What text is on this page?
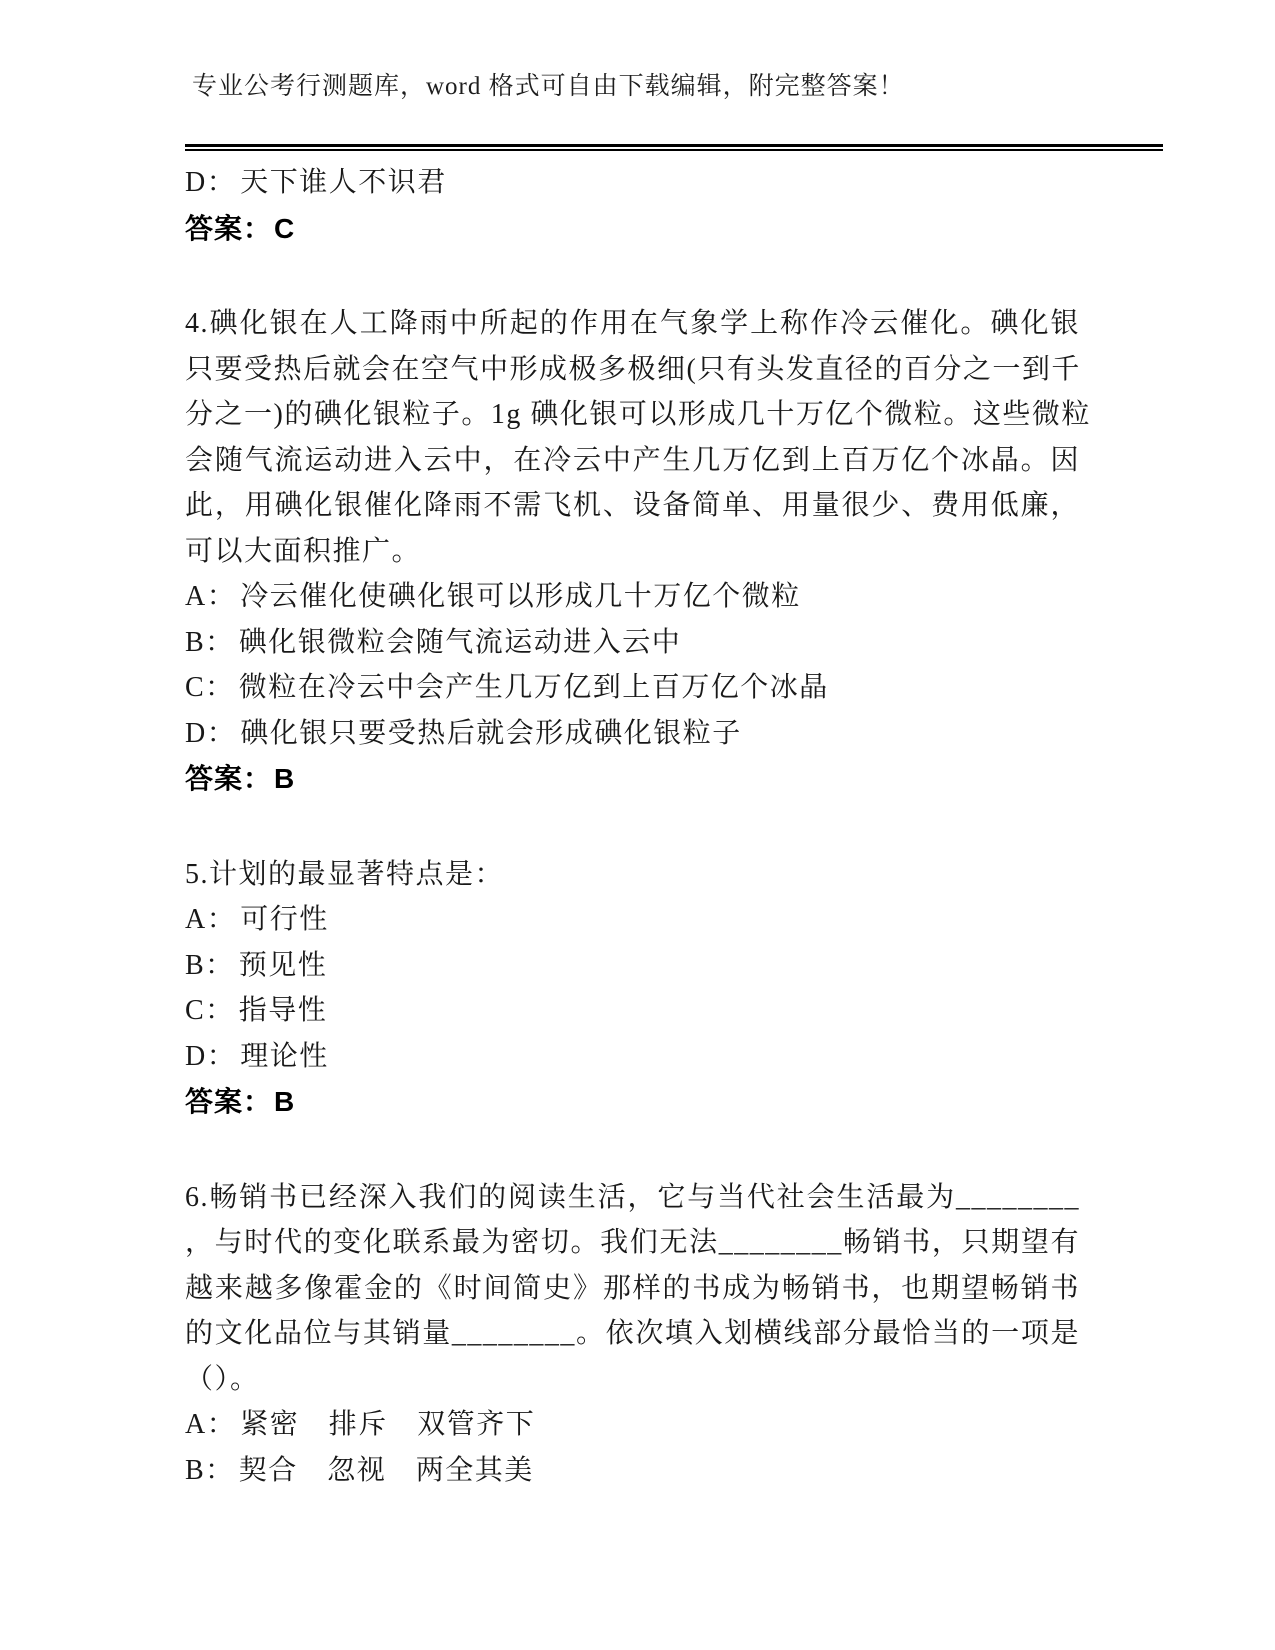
专业公考行测题库，word 格式可自由下载编辑，附完整答案！
D： 天下谁人不识君
答案：C
4.碘化银在人工降雨中所起的作用在气象学上称作冷云催化。碘化银
只要受热后就会在空气中形成极多极细(只有头发直径的百分之一到千
分之一)的碘化银粒子。1g 碘化银可以形成几十万亿个微粒。这些微粒
会随气流运动进入云中，在冷云中产生几万亿到上百万亿个冰晶。因
此，用碘化银催化降雨不需飞机、设备简单、用量很少、费用低廉，
可以大面积推广。
A： 冷云催化使碘化银可以形成几十万亿个微粒
B： 碘化银微粒会随气流运动进入云中
C： 微粒在冷云中会产生几万亿到上百万亿个冰晶
D： 碘化银只要受热后就会形成碘化银粒子
答案：B
5.计划的最显著特点是：
A： 可行性
B： 预见性
C： 指导性
D： 理论性
答案：B
6.畅销书已经深入我们的阅读生活，它与当代社会生活最为________
，与时代的变化联系最为密切。我们无法________畅销书，只期望有
越来越多像霍金的《时间简史》那样的书成为畅销书，也期望畅销书
的文化品位与其销量________。依次填入划横线部分最恰当的一项是
（）。
A： 紧密　排斥　双管齐下
B： 契合　忽视　两全其美
